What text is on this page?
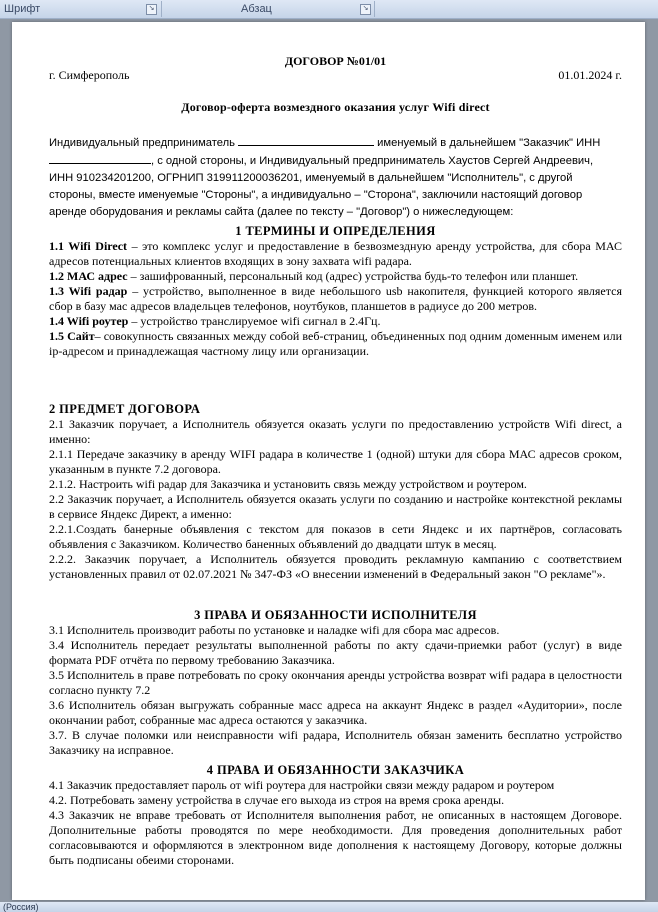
Шрифт	↘	Абзац	↘
ДОГОВОР №01/01
г. Симферополь	01.01.2024 г.
Договор-оферта возмездного оказания услуг Wifi direct
Индивидуальный предприниматель	именуемый в дальнейшем "Заказчик" ИНН
, с одной стороны, и Индивидуальный предприниматель Хаустов Сергей Андреевич,
ИНН 910234201200, ОГРНИП 319911200036201, именуемый в дальнейшем "Исполнитель", с другой
стороны, вместе именуемые "Стороны", а индивидуально – "Сторона", заключили настоящий договор
аренде оборудования и рекламы сайта (далее по тексту – "Договор") о нижеследующем:
1 ТЕРМИНЫ И ОПРЕДЕЛЕНИЯ
1.1 Wifi Direct – это комплекс услуг и предоставление в безвозмездную аренду устройства, для сбора МАС адресов потенциальных клиентов входящих в зону захвата wifi радара.
1.2 МАС адрес – зашифрованный, персональный код (адрес) устройства будь-то телефон или планшет.
1.3 Wifi радар – устройство, выполненное в виде небольшого usb накопителя, функцией которого является сбор в базу мас адресов владельцев телефонов, ноутбуков, планшетов в радиусе до 200 метров.
1.4 Wifi роутер – устройство транслируемое wifi сигнал в 2.4Гц.
1.5 Сайт– совокупность связанных между собой веб-страниц, объединенных под одним доменным именем или ip-адресом и принадлежащая частному лицу или организации.
2 ПРЕДМЕТ ДОГОВОРА
2.1 Заказчик поручает, а Исполнитель обязуется оказать услуги по предоставлению устройств Wifi direct, а именно:
2.1.1 Передаче заказчику в аренду WIFI радара в количестве 1 (одной) штуки для сбора МАС адресов сроком, указанным в пункте 7.2 договора.
2.1.2. Настроить wifi радар для Заказчика и установить связь между устройством и роутером.
2.2 Заказчик поручает, а Исполнитель обязуется оказать услуги по созданию и настройке контекстной рекламы в сервисе Яндекс Директ, а именно:
2.2.1.Создать банерные объявления с текстом для показов в сети Яндекс и их партнёров, согласовать объявления с Заказчиком. Количество баненных объявлений до двадцати штук в месяц.
2.2.2. Заказчик поручает, а Исполнитель обязуется проводить рекламную кампанию с соответствием установленных правил от 02.07.2021 № 347-ФЗ «О внесении изменений в Федеральный закон "О рекламе"».
3 ПРАВА И ОБЯЗАННОСТИ ИСПОЛНИТЕЛЯ
3.1 Исполнитель производит работы по установке и наладке wifi для сбора мас адресов.
3.4 Исполнитель передает результаты выполненной работы по акту сдачи-приемки работ (услуг) в виде формата PDF отчёта по первому требованию Заказчика.
3.5 Исполнитель в праве потребовать по сроку окончания аренды устройства возврат wifi радара в целостности согласно пункту 7.2
3.6 Исполнитель обязан выгружать собранные масс адреса на аккаунт Яндекс в раздел «Аудитории», после окончании работ, собранные мас адреса остаются у заказчика.
3.7. В случае поломки или неисправности wifi радара, Исполнитель обязан заменить бесплатно устройство Заказчику на исправное.
4 ПРАВА И ОБЯЗАННОСТИ ЗАКАЗЧИКА
4.1 Заказчик предоставляет пароль от wifi роутера для настройки связи между радаром и роутером
4.2. Потребовать замену устройства в случае его выхода из строя на время срока аренды.
4.3 Заказчик не вправе требовать от Исполнителя выполнения работ, не описанных в настоящем Договоре. Дополнительные работы проводятся по мере необходимости. Для проведения дополнительных работ согласовываются и оформляются в электронном виде дополнения к настоящему Договору, которые должны быть подписаны обеими сторонами.
(Россия)
